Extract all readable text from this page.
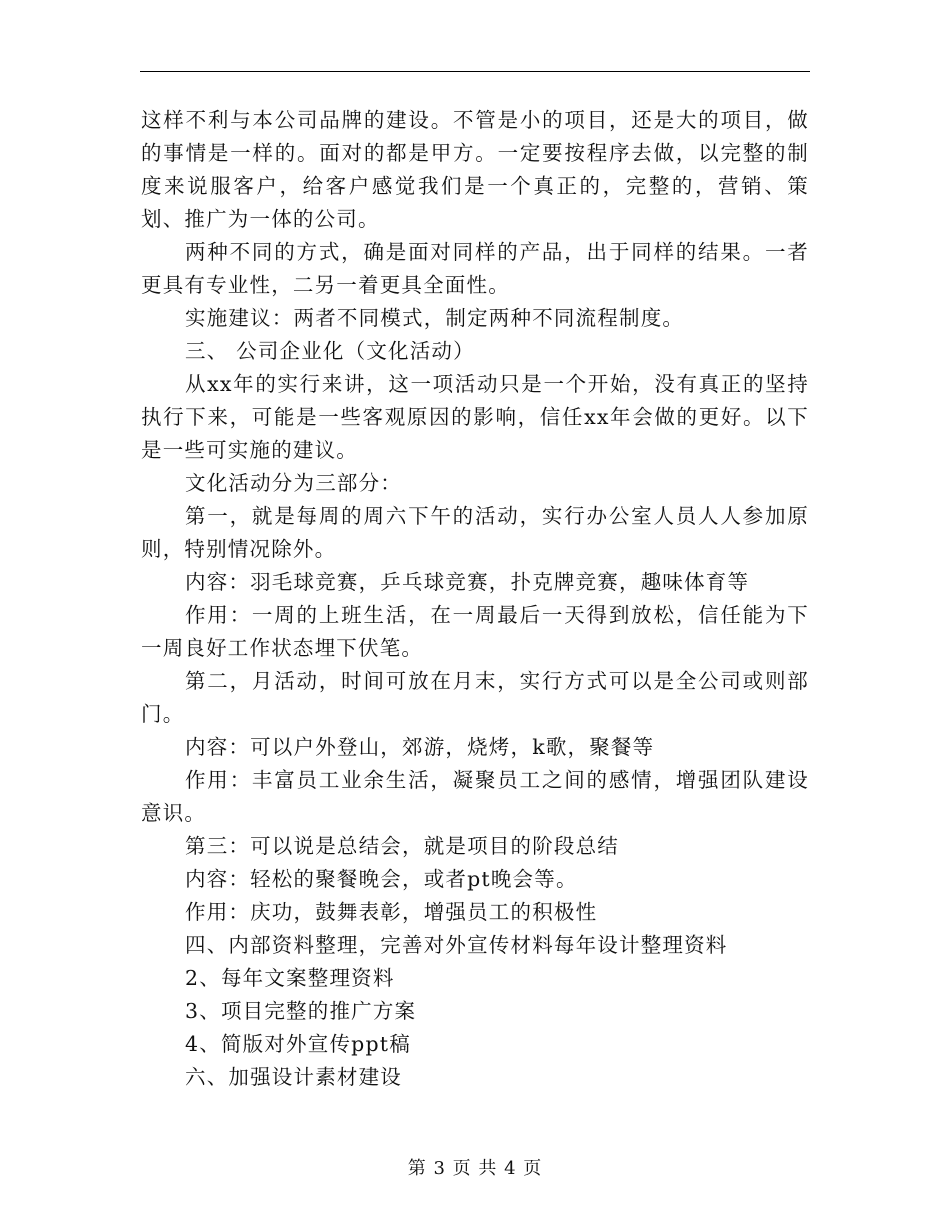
这样不利与本公司品牌的建设。不管是小的项目，还是大的项目，做的事情是一样的。面对的都是甲方。一定要按程序去做，以完整的制度来说服客户，给客户感觉我们是一个真正的，完整的，营销、策划、推广为一体的公司。

两种不同的方式，确是面对同样的产品，出于同样的结果。一者更具有专业性，二另一着更具全面性。

实施建议：两者不同模式，制定两种不同流程制度。

三、 公司企业化（文化活动）

从xx年的实行来讲，这一项活动只是一个开始，没有真正的坚持执行下来，可能是一些客观原因的影响，信任xx年会做的更好。以下是一些可实施的建议。

文化活动分为三部分：

第一，就是每周的周六下午的活动，实行办公室人员人人参加原则，特别情况除外。

内容：羽毛球竞赛，乒乓球竞赛，扑克牌竞赛，趣味体育等

作用：一周的上班生活，在一周最后一天得到放松，信任能为下一周良好工作状态埋下伏笔。

第二，月活动，时间可放在月末，实行方式可以是全公司或则部门。

内容：可以户外登山，郊游，烧烤，k歌，聚餐等

作用：丰富员工业余生活，凝聚员工之间的感情，增强团队建设意识。

第三：可以说是总结会，就是项目的阶段总结

内容：轻松的聚餐晚会，或者pt晚会等。

作用：庆功，鼓舞表彰，增强员工的积极性

四、内部资料整理，完善对外宣传材料每年设计整理资料

2、每年文案整理资料

3、项目完整的推广方案

4、简版对外宣传ppt稿

六、加强设计素材建设

第 3 页 共 4 页
